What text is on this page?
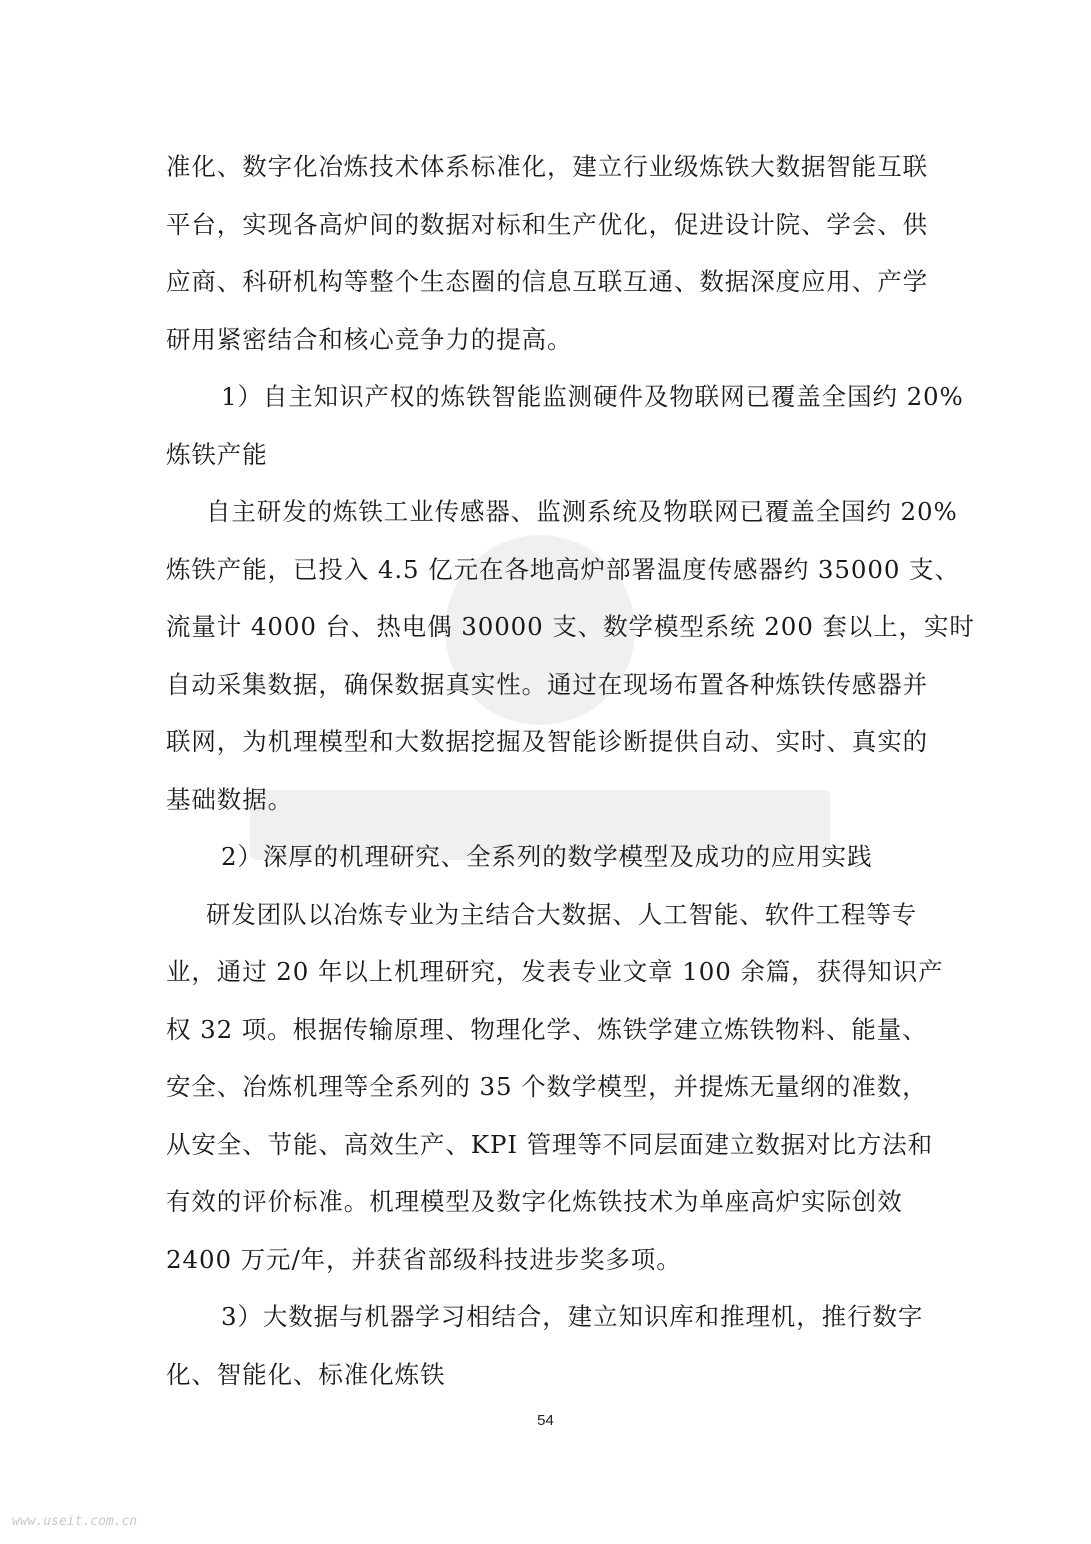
准化、数字化冶炼技术体系标准化，建立行业级炼铁大数据智能互联
平台，实现各高炉间的数据对标和生产优化，促进设计院、学会、供
应商、科研机构等整个生态圈的信息互联互通、数据深度应用、产学
研用紧密结合和核心竞争力的提高。
1）自主知识产权的炼铁智能监测硬件及物联网已覆盖全国约 20%
炼铁产能
自主研发的炼铁工业传感器、监测系统及物联网已覆盖全国约 20%
炼铁产能，已投入 4.5 亿元在各地高炉部署温度传感器约 35000 支、
流量计 4000 台、热电偶 30000 支、数学模型系统 200 套以上，实时
自动采集数据，确保数据真实性。通过在现场布置各种炼铁传感器并
联网，为机理模型和大数据挖掘及智能诊断提供自动、实时、真实的
基础数据。
2）深厚的机理研究、全系列的数学模型及成功的应用实践
研发团队以冶炼专业为主结合大数据、人工智能、软件工程等专
业，通过 20 年以上机理研究，发表专业文章 100 余篇，获得知识产
权 32 项。根据传输原理、物理化学、炼铁学建立炼铁物料、能量、
安全、冶炼机理等全系列的 35 个数学模型，并提炼无量纲的准数，
从安全、节能、高效生产、KPI 管理等不同层面建立数据对比方法和
有效的评价标准。机理模型及数字化炼铁技术为单座高炉实际创效
2400 万元/年，并获省部级科技进步奖多项。
3）大数据与机器学习相结合，建立知识库和推理机，推行数字
化、智能化、标准化炼铁
54
www.useit.com.cn
